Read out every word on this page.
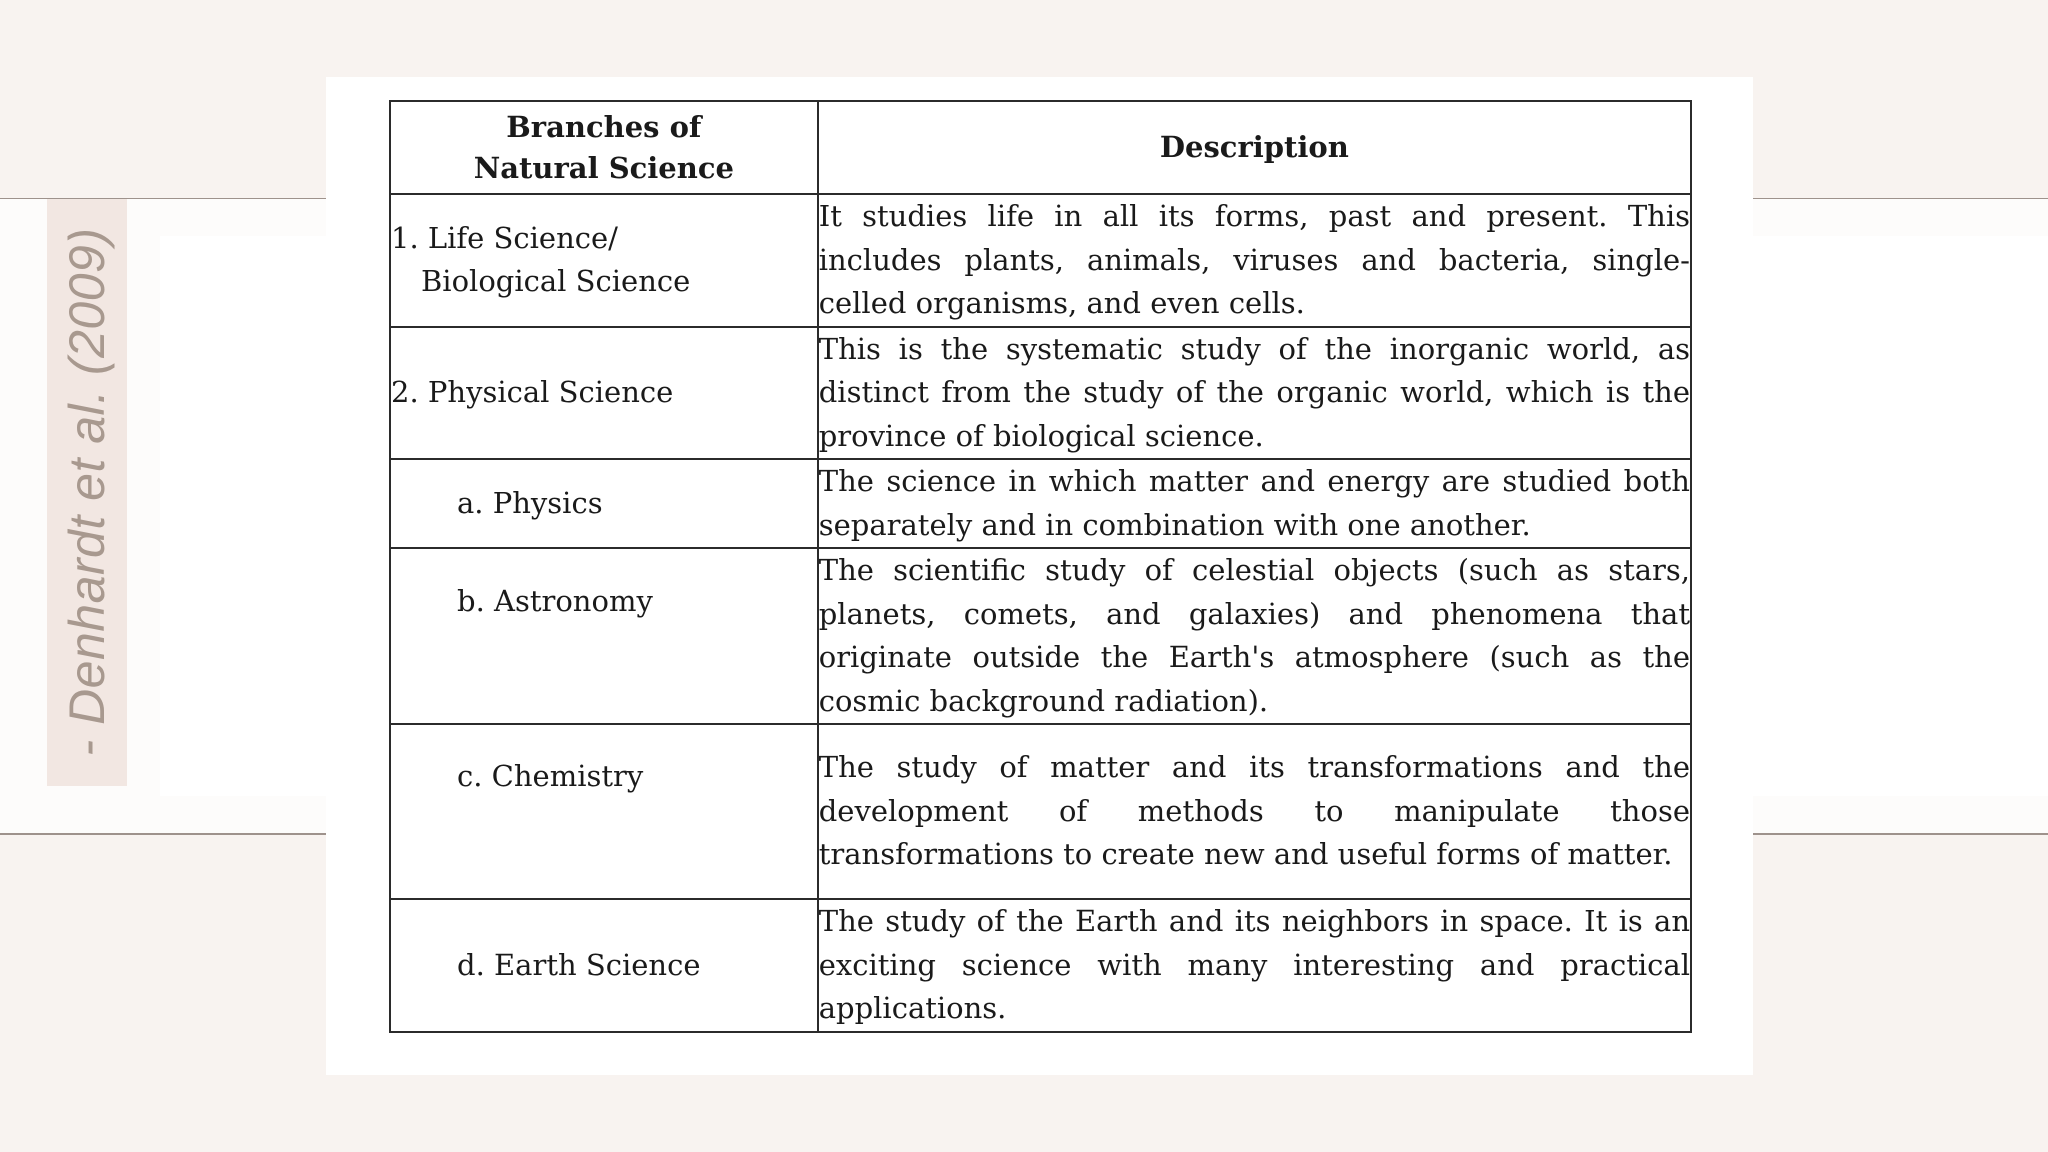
- Denhardt et al. (2009)
Branches of Natural Science	Description

1. Life Science/
Biological Science	It studies life in all its forms, past and present. This includes plants, animals, viruses and bacteria, single-celled organisms, and even cells.
2. Physical Science	This is the systematic study of the inorganic world, as distinct from the study of the organic world, which is the province of biological science.
a. Physics	The science in which matter and energy are studied both separately and in combination with one another.
b. Astronomy	The scientific study of celestial objects (such as stars, planets, comets, and galaxies) and phenomena that originate outside the Earth's atmosphere (such as the cosmic background radiation).
c. Chemistry	The study of matter and its transformations and the development of methods to manipulate those transformations to create new and useful forms of matter.
d. Earth Science	The study of the Earth and its neighbors in space. It is an exciting science with many interesting and practical applications.
